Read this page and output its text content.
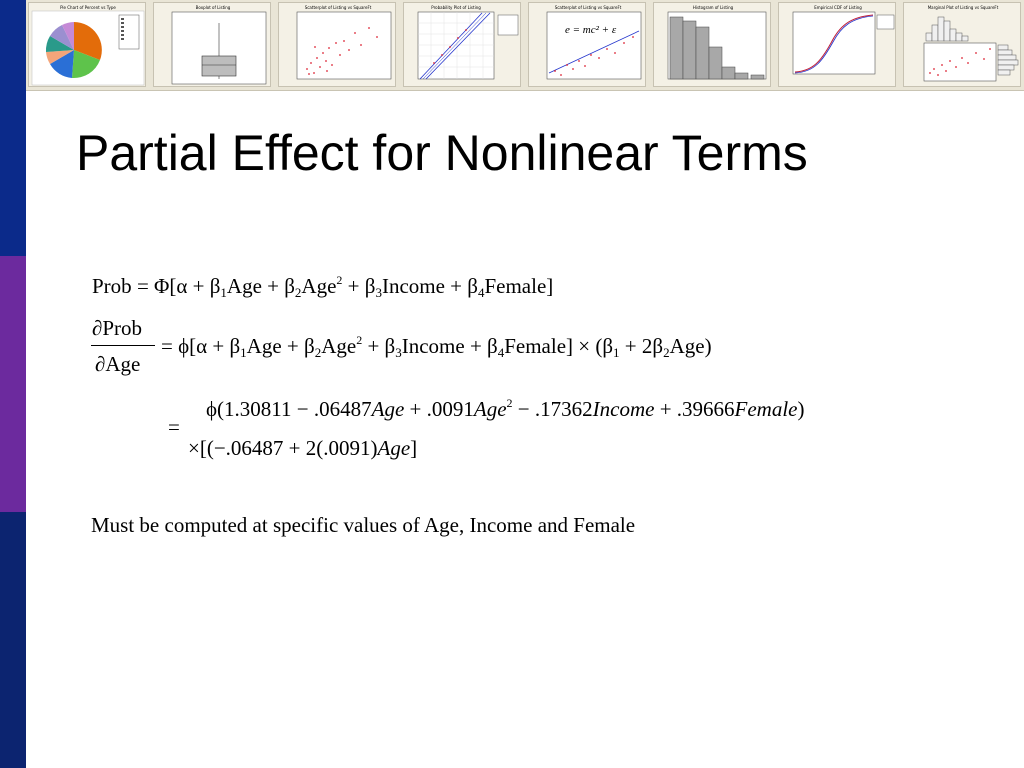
Pie Chart of Percent vs Type	Boxplot of Listing	Scatterplot of Listing vs SquareFt	Probability Plot of Listing	Scatterplot of Listing vs SquareFt
e = mc² + ε
Histogram of Listing	Empirical CDF of Listing	Marginal Plot of Listing vs SquareFt
Partial Effect for Nonlinear Terms
Prob = $\Phi[\alpha + \beta_1Age + \beta_2Age^2$ + $\beta_3Income$ + $\beta_4Female$]
∂Prob
∂Age
= $\phi[\alpha + \beta_1Age + \beta_2Age^2$ + $\beta_3Income$ + $\beta_4Female] \times (\beta_1 + 2\beta_2Age)$
=
ϕ(1.30811 − .06487Age + .0091Age$^2$ − .17362Income + .39666Female)
×[(−.06487 + 2(.0091)Age]
Must be computed at specific values of Age, Income and Female
